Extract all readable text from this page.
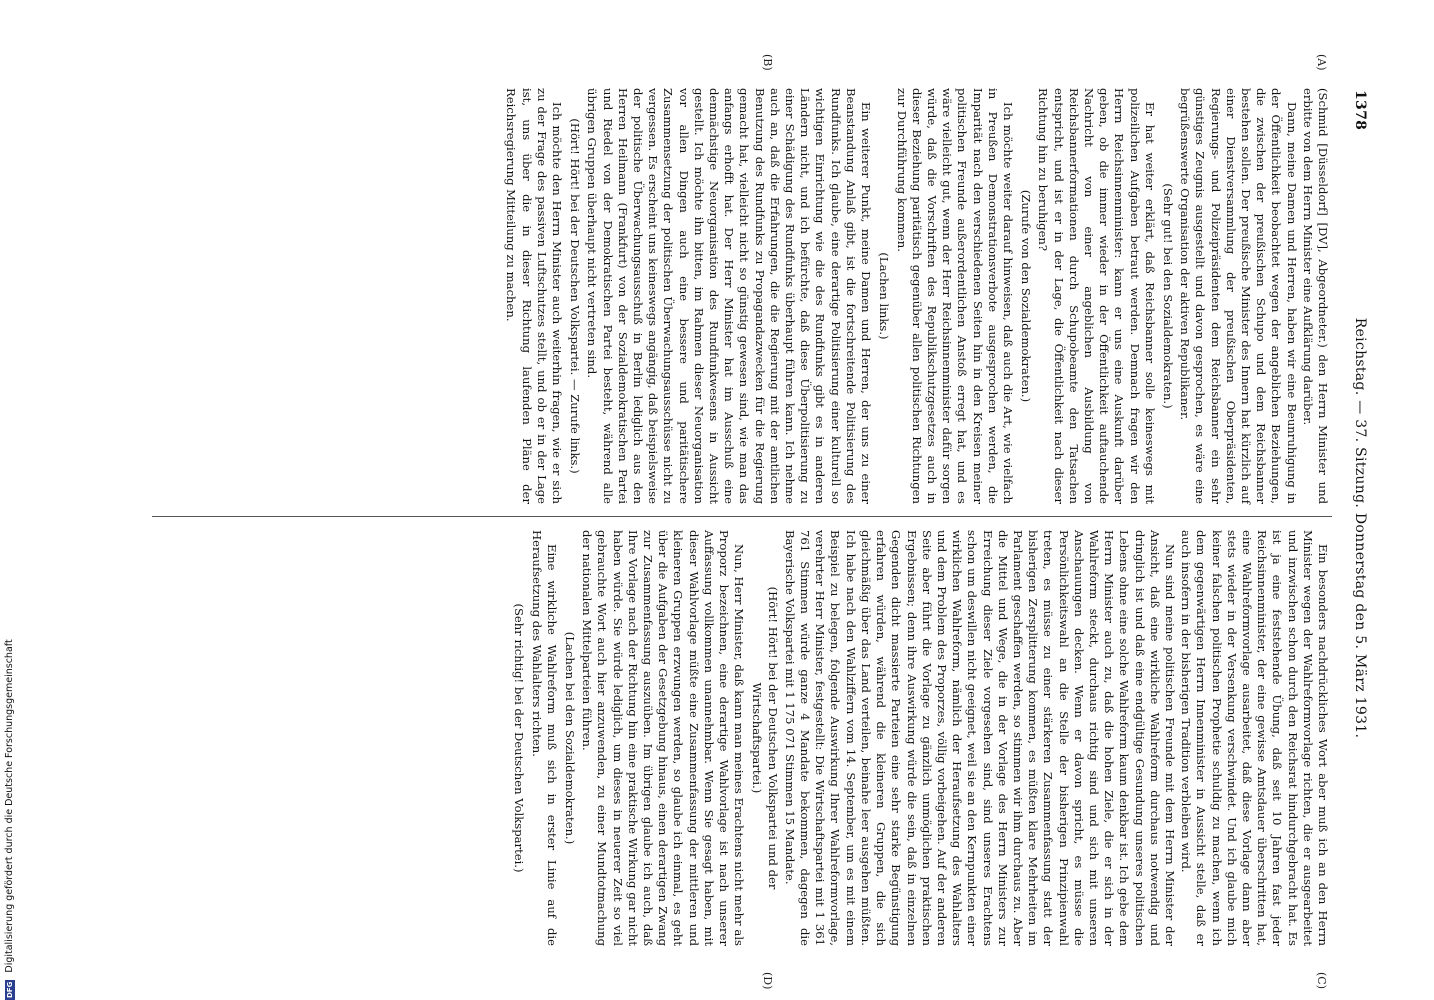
1378
Reichstag. — 37. Sitzung. Donnerstag den 5. März 1931.
(A)
(B)
(C)
(D)

(Schmid [Düsseldorf] [DV], Abgeordneter.) den Herrn Minister und erbitte von dem Herrn Minister eine Aufklärung darüber.

Dann, meine Damen und Herren, haben wir eine Beunruhigung in der Öffentlichkeit beobachtet wegen der angeblichen Beziehungen, die zwischen der preußischen Schupo und dem Reichsbanner bestehen sollen. Der preußische Minister des Innern hat kürzlich auf einer Dienstversammlung der preußischen Oberpräsidenten, Regierungs- und Polizeipräsidenten dem Reichsbanner ein sehr günstiges Zeugnis ausgestellt und davon gesprochen, es wäre eine begrüßenswerte Organisation der aktiven Republikaner.

(Sehr gut! bei den Sozialdemokraten.)

Er hat weiter erklärt, daß Reichsbanner solle keineswegs mit polizeilichen Aufgaben betraut werden. Demnach fragen wir den Herrn Reichsinnenminister: kann er uns eine Auskunft darüber geben, ob die immer wieder in der Öffentlichkeit auftauchende Nachricht von einer angeblichen Ausbildung von Reichsbannerformationen durch Schupobeamte den Tatsachen entspricht, und ist er in der Lage, die Öffentlichkeit nach dieser Richtung hin zu beruhigen?

(Zurufe von den Sozialdemokraten.)

Ich möchte weiter darauf hinweisen, daß auch die Art, wie vielfach in Preußen Demonstrationsverbote ausgesprochen werden, die Imparität nach den verschiedenen Seiten hin in den Kreisen meiner politischen Freunde außerordentlichen Anstoß erregt hat, und es wäre vielleicht gut, wenn der Herr Reichsinnenminister dafür sorgen würde, daß die Vorschriften des Republikschutzgesetzes auch in dieser Beziehung paritätisch gegenüber allen politischen Richtungen zur Durchführung kommen.

(Lachen links.)

Ein weiterer Punkt, meine Damen und Herren, der uns zu einer Beanstandung Anlaß gibt, ist die fortschreitende Politisierung des Rundfunks. Ich glaube, eine derartige Politisierung einer kulturell so wichtigen Einrichtung wie die des Rundfunks gibt es in anderen Ländern nicht, und ich befürchte, daß diese Überpolitisierung zu einer Schädigung des Rundfunks überhaupt führen kann. Ich nehme auch an, daß die Erfahrungen, die die Regierung mit der amtlichen Benutzung des Rundfunks zu Propagandazwecken für die Regierung gemacht hat, vielleicht nicht so günstig gewesen sind, wie man das anfangs erhofft hat. Der Herr Minister hat im Ausschuß eine demnächstige Neuorganisation des Rundfunkwesens in Aussicht gestellt. Ich möchte ihn bitten, im Rahmen dieser Neuorganisation vor allen Dingen auch eine bessere und paritätischere Zusammensetzung der politischen Überwachungsausschüsse nicht zu vergessen. Es erscheint uns keineswegs angängig, daß beispielsweise der politische Überwachungsausschuß in Berlin lediglich aus den Herren Heilmann (Frankfurt) von der Sozialdemokratischen Partei und Riedel von der Demokratischen Partei besteht, während alle übrigen Gruppen überhaupt nicht vertreten sind.

(Hört! Hört! bei der Deutschen Volkspartei. — Zurufe links.)

Ich möchte den Herrn Minister auch weiterhin fragen, wie er sich zu der Frage des passiven Luftschutzes stellt, und ob er in der Lage ist, uns über die in dieser Richtung laufenden Pläne der Reichsregierung Mitteilung zu machen.

Ein besonders nachdrückliches Wort aber muß ich an den Herrn Minister wegen der Wahlreformvorlage richten, die er ausgearbeitet und inzwischen schon durch den Reichsrat hindurchgebracht hat. Es ist ja eine feststehende Übung, daß seit 10 Jahren fast jeder Reichsinnenminister, der eine gewisse Amtsdauer überschritten hat, eine Wahlreformvorlage ausarbeitet, daß diese Vorlage dann aber stets wieder in der Versenkung verschwindet. Und ich glaube mich keiner falschen politischen Prophetie schuldig zu machen, wenn ich dem gegenwärtigen Herrn Innenminister in Aussicht stelle, daß er auch insofern in der bisherigen Tradition verbleiben wird.

Nun sind meine politischen Freunde mit dem Herrn Minister der Ansicht, daß eine wirkliche Wahlreform durchaus notwendig und dringlich ist und daß eine endgültige Gesundung unseres politischen Lebens ohne eine solche Wahlreform kaum denkbar ist. Ich gebe dem Herrn Minister auch zu, daß die hohen Ziele, die er sich in der Wahlreform steckt, durchaus richtig sind und sich mit unseren Anschauungen decken. Wenn er davon spricht, es müsse die Persönlichkeitswahl an die Stelle der bisherigen Prinzipienwahl treten, es müsse zu einer stärkeren Zusammenfassung statt der bisherigen Zersplitterung kommen, es müßten klare Mehrheiten im Parlament geschaffen werden, so stimmen wir ihm durchaus zu. Aber die Mittel und Wege, die in der Vorlage des Herrn Ministers zur Erreichung dieser Ziele vorgesehen sind, sind unseres Erachtens schon um deswillen nicht geeignet, weil sie an den Kernpunkten einer wirklichen Wahlreform, nämlich der Heraufsetzung des Wahlalters und dem Problem des Proporzes, völlig vorbeigehen. Auf der anderen Seite aber führt die Vorlage zu gänzlich unmöglichen praktischen Ergebnissen; denn ihre Auswirkung würde die sein, daß in einzelnen Gegenden dicht massierte Parteien eine sehr starke Begünstigung erfahren würden, während die kleineren Gruppen, die sich gleichmäßig über das Land verteilen, beinahe leer ausgehen müßten. Ich habe nach den Wahlziffern vom 14. September, um es mit einem Beispiel zu belegen, folgende Auswirkung Ihrer Wahlreformvorlage, verehrter Herr Minister, festgestellt: Die Wirtschaftspartei mit 1 361 761 Stimmen würde ganze 4 Mandate bekommen, dagegen die Bayerische Volkspartei mit 1 175 071 Stimmen 15 Mandate.

(Hört! Hört! bei der Deutschen Volkspartei und der Wirtschaftspartei.)

Nun, Herr Minister, daß kann man meines Erachtens nicht mehr als Proporz bezeichnen, eine derartige Wahlvorlage ist nach unserer Auffassung vollkommen unannehmbar. Wenn Sie gesagt haben, mit dieser Wahlvorlage müßte eine Zusammenfassung der mittleren und kleineren Gruppen erzwungen werden, so glaube ich einmal, es geht über die Aufgaben der Gesetzgebung hinaus, einen derartigen Zwang zur Zusammenfassung auszuüben. Im übrigen glaube ich auch, daß Ihre Vorlage nach der Richtung hin eine praktische Wirkung gar nicht haben würde. Sie würde lediglich, um dieses in neuerer Zeit so viel gebrauchte Wort auch hier anzuwenden, zu einer Mundtotmachung der nationalen Mittelparteien führen.

(Lachen bei den Sozialdemokraten.)

Eine wirkliche Wahlreform muß sich in erster Linie auf die Heraufsetzung des Wahlalters richten.

(Sehr richtig! bei der Deutschen Volkspartei.)

DFG Digitalisierung gefördert durch die Deutsche Forschungsgemeinschaft
